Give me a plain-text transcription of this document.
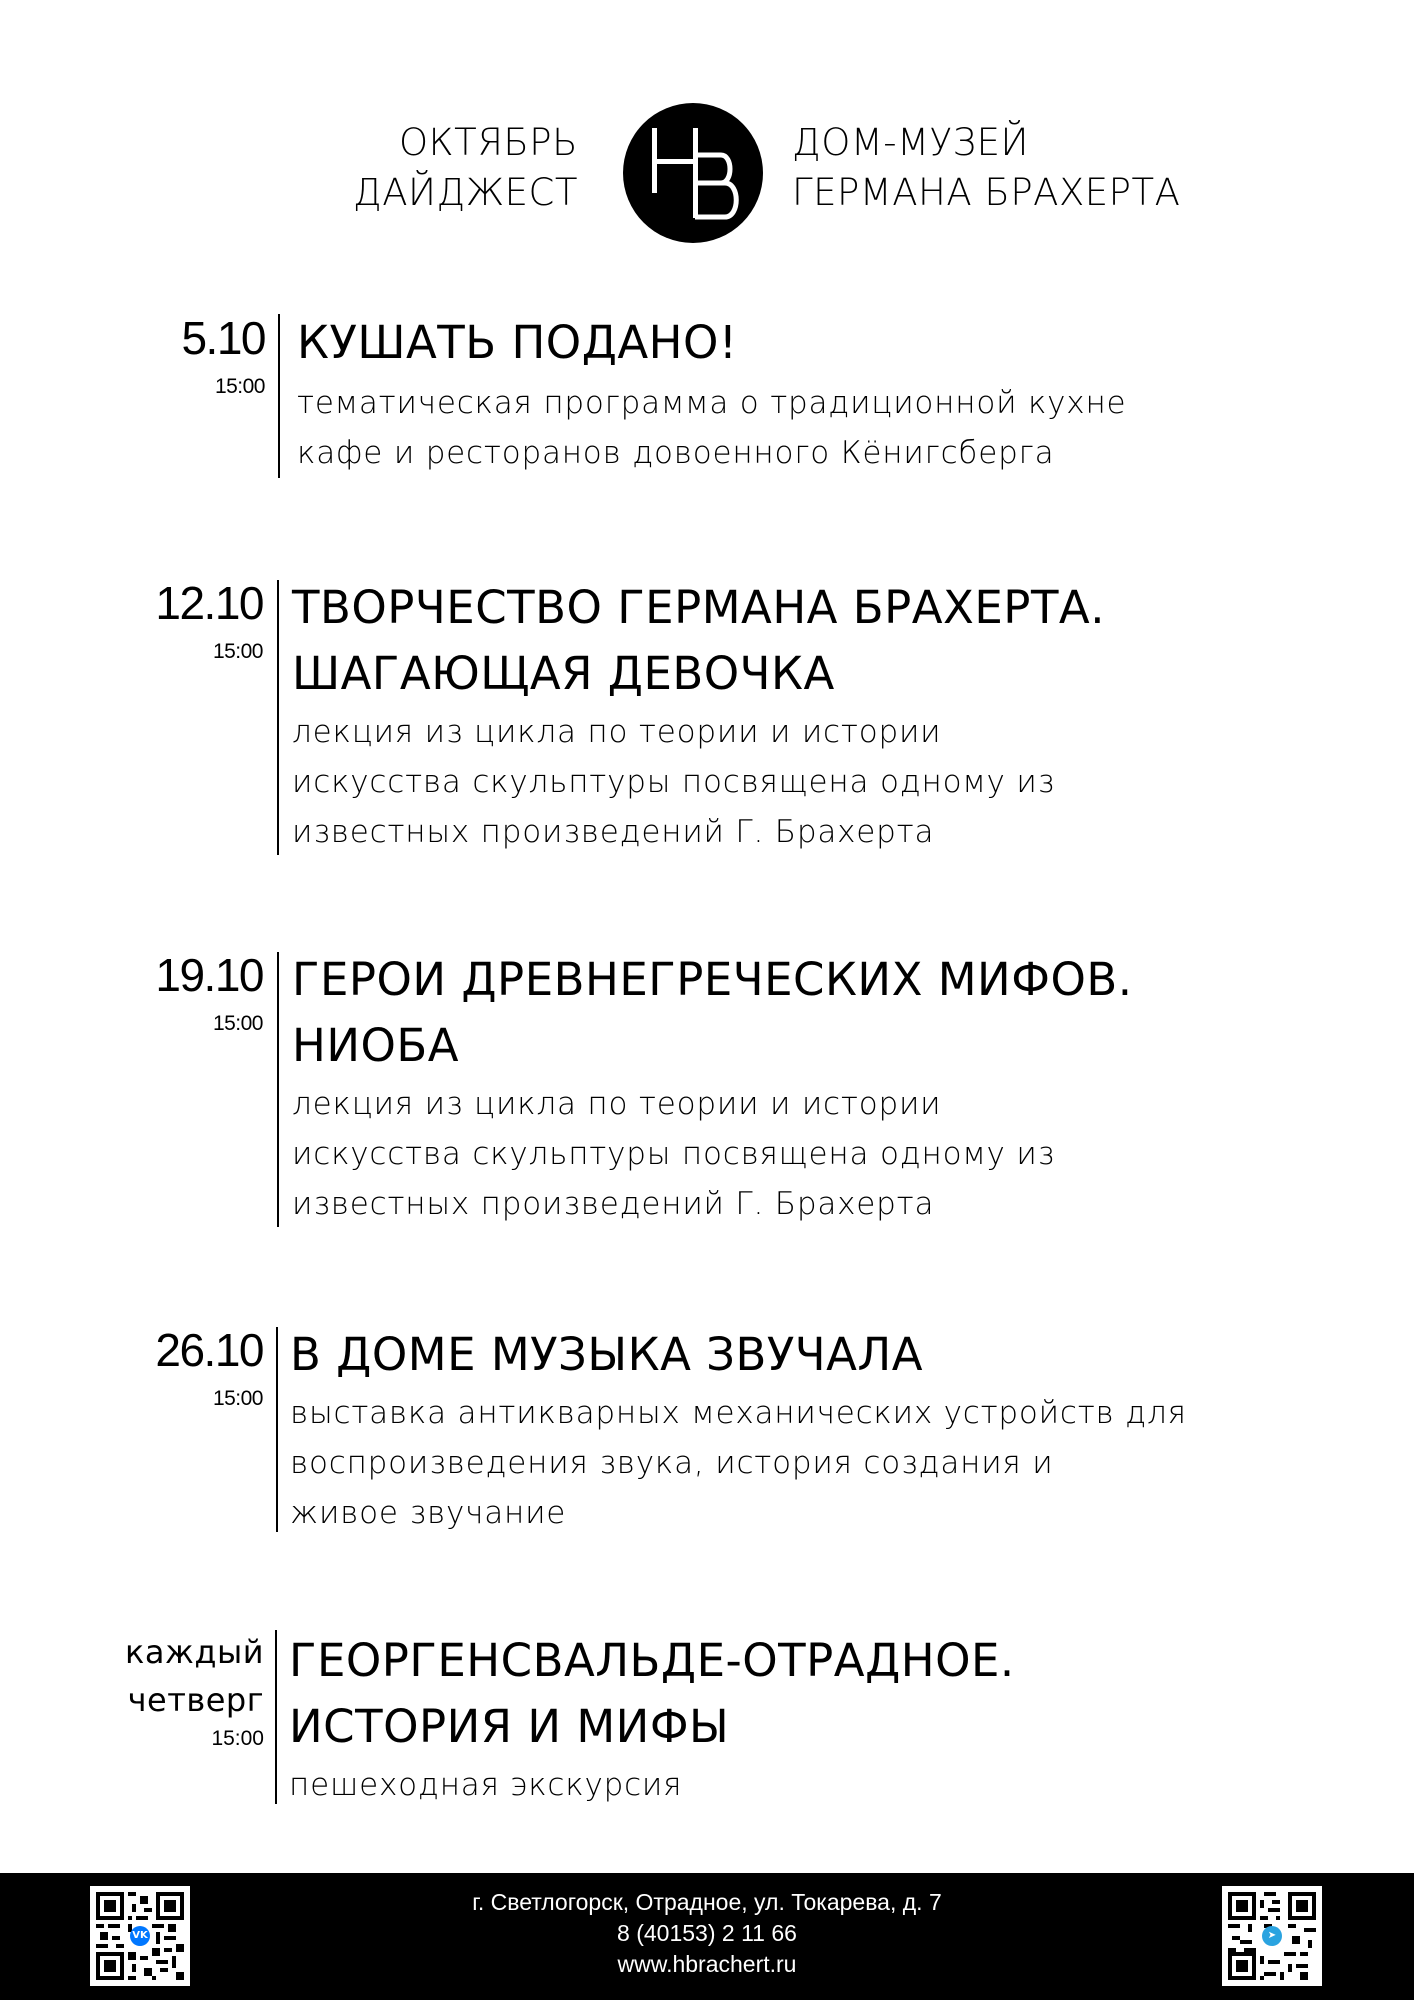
ОКТЯБРЬ
ДАЙДЖЕСТ
ДОМ-МУЗЕЙ
ГЕРМАНА БРАХЕРТА
5.10
15:00
КУШАТЬ ПОДАНО!
тематическая программа о традиционной кухне
кафе и ресторанов довоенного Кёнигсберга
12.10
15:00
ТВОРЧЕСТВО ГЕРМАНА БРАХЕРТА.
ШАГАЮЩАЯ ДЕВОЧКА
лекция из цикла по теории и истории
искусства скульптуры посвящена одному из
известных произведений Г. Брахерта
19.10
15:00
ГЕРОИ ДРЕВНЕГРЕЧЕСКИХ МИФОВ.
НИОБА
лекция из цикла по теории и истории
искусства скульптуры посвящена одному из
известных произведений Г. Брахерта
26.10
15:00
В ДОМЕ МУЗЫКА ЗВУЧАЛА
выставка антикварных механических устройств для
воспроизведения звука, история создания и
живое звучание
каждый
четверг
15:00
ГЕОРГЕНСВАЛЬДЕ-ОТРАДНОЕ.
ИСТОРИЯ И МИФЫ
пешеходная экскурсия
VK
г. Светлогорск, Отрадное, ул. Токарева, д. 7
8 (40153) 2 11 66
www.hbrachert.ru
➤
